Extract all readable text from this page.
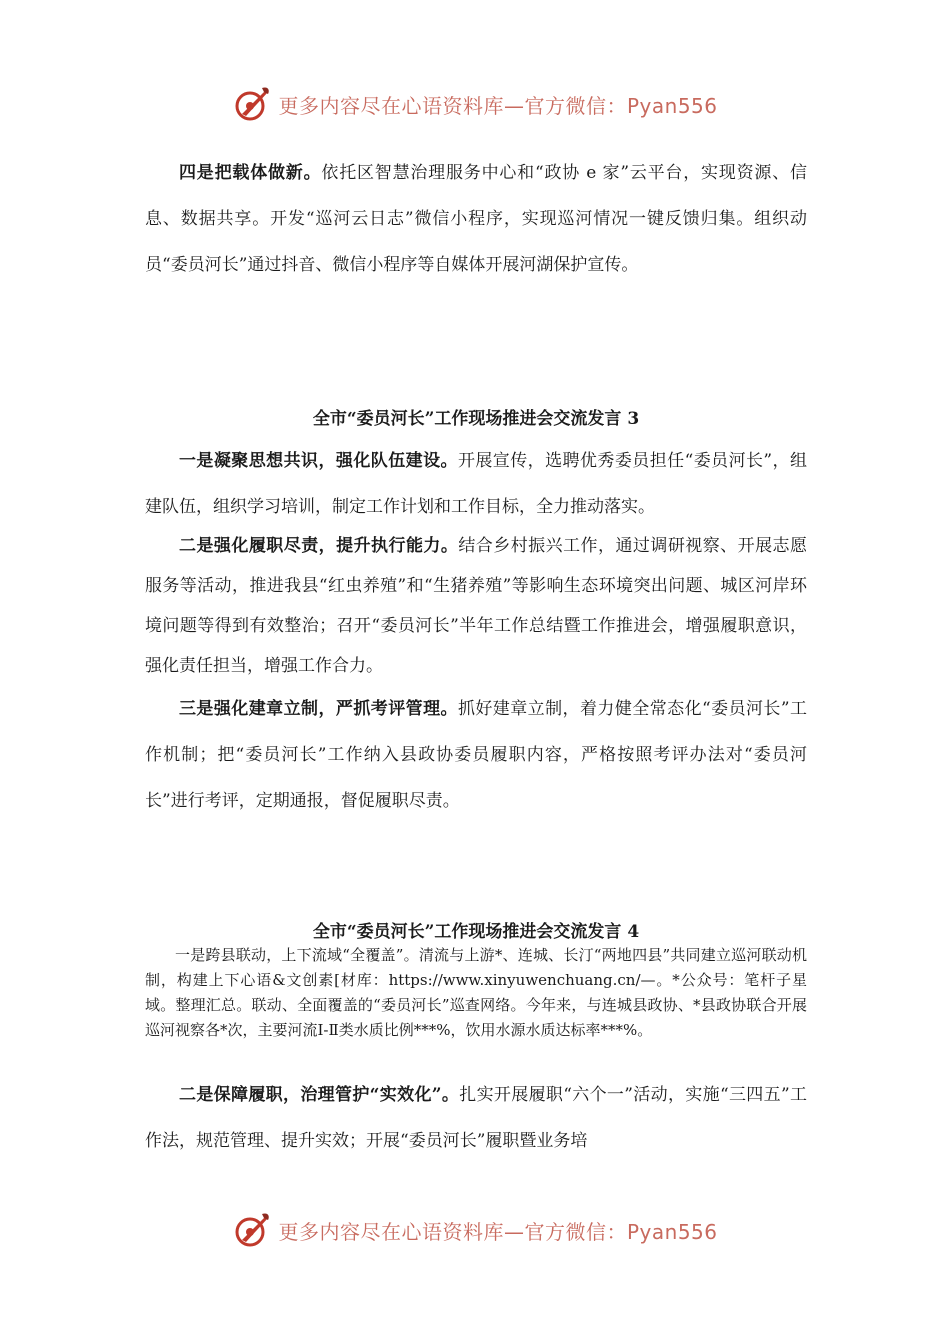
更多内容尽在心语资料库—官方微信：Pyan556

四是把载体做新。依托区智慧治理服务中心和“政协 e 家”云平台，实现资源、信息、数据共享。开发“巡河云日志”微信小程序，实现巡河情况一键反馈归集。组织动员“委员河长”通过抖音、微信小程序等自媒体开展河湖保护宣传。

全市“委员河长”工作现场推进会交流发言 3

一是凝聚思想共识，强化队伍建设。开展宣传，选聘优秀委员担任“委员河长”，组建队伍，组织学习培训，制定工作计划和工作目标，全力推动落实。

二是强化履职尽责，提升执行能力。结合乡村振兴工作，通过调研视察、开展志愿服务等活动，推进我县“红虫养殖”和“生猪养殖”等影响生态环境突出问题、城区河岸环境问题等得到有效整治；召开“委员河长”半年工作总结暨工作推进会，增强履职意识，强化责任担当，增强工作合力。

三是强化建章立制，严抓考评管理。抓好建章立制，着力健全常态化“委员河长”工作机制；把“委员河长”工作纳入县政协委员履职内容，严格按照考评办法对“委员河长”进行考评，定期通报，督促履职尽责。

全市“委员河长”工作现场推进会交流发言 4

一是跨县联动，上下流域“全覆盖”。清流与上游*、连城、长汀“两地四县”共同建立巡河联动机制，构建上下心语&文创素[材库：https://www.xinyuwenchuang.cn/—。*公众号：笔杆子星域。整理汇总。联动、全面覆盖的“委员河长”巡查网络。今年来，与连城县政协、*县政协联合开展巡河视察各*次，主要河流Ⅰ-Ⅱ类水质比例***%，饮用水源水质达标率***%。

二是保障履职，治理管护“实效化”。扎实开展履职“六个一”活动，实施“三四五”工作法，规范管理、提升实效；开展“委员河长”履职暨业务培

更多内容尽在心语资料库—官方微信：Pyan556
